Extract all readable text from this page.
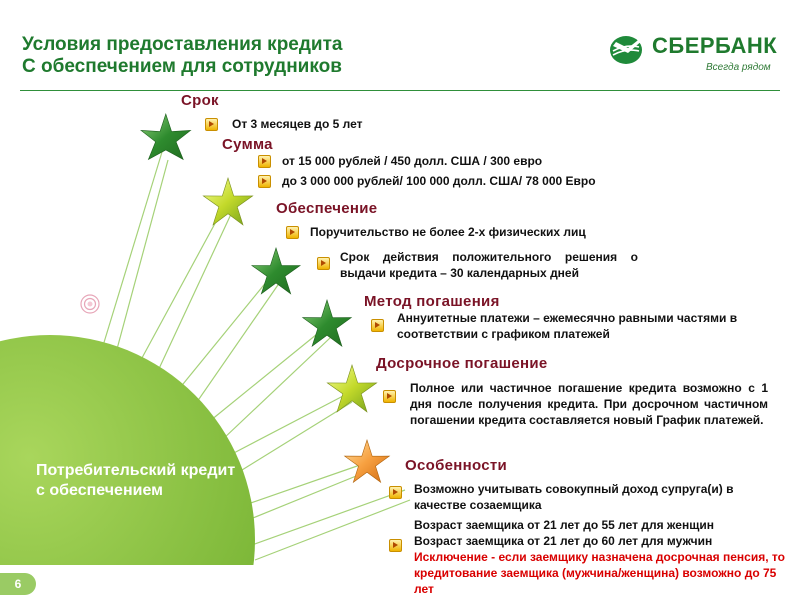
Условия предоставления кредита
С обеспечением для сотрудников
СБЕРБАНК
Всегда рядом
Срок
От 3 месяцев до 5 лет
Сумма
от 15 000 рублей / 450 долл. США / 300 евро
до 3 000 000 рублей/ 100 000 долл. США/ 78 000 Евро
Обеспечение
Поручительство не более 2-х физических лиц
Срок действия положительного решения о выдачи кредита – 30 календарных дней
Метод погашения
Аннуитетные платежи – ежемесячно равными частями в соответствии с графиком платежей
Досрочное погашение
Полное или частичное погашение кредита возможно с 1 дня после получения кредита. При досрочном частичном погашении кредита составляется новый График платежей.
Особенности
Возможно учитывать совокупный доход супруга(и) в качестве созаемщика
Возраст заемщика от 21 лет до 55 лет для женщин
Возраст заемщика от 21 лет до 60 лет для мужчин
Исключение - если заемщику назначена досрочная пенсия, то кредитование заемщика (мужчина/женщина) возможно до 75 лет
Потребительский кредит с обеспечением
6
